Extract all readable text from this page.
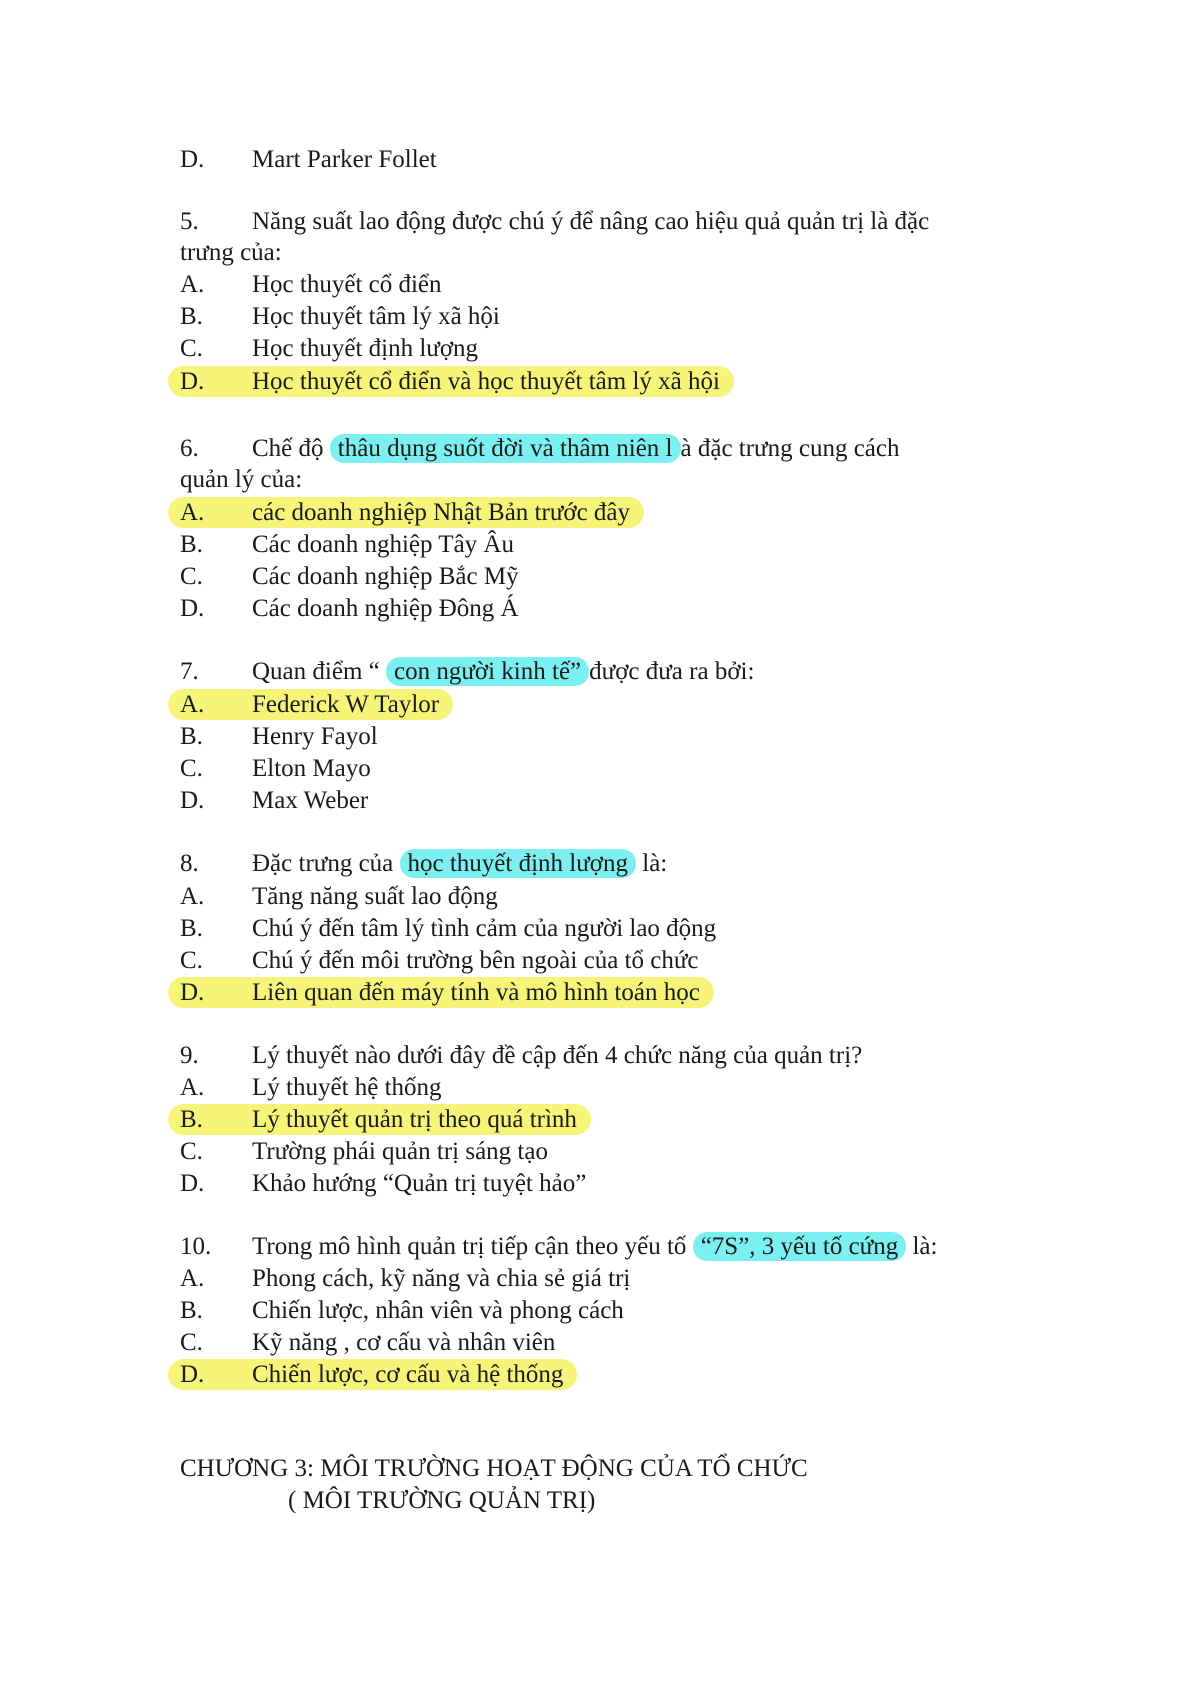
D. Mart Parker Follet
5. Năng suất lao động được chú ý để nâng cao hiệu quả quản trị là đặc
trưng của:
A. Học thuyết cổ điển
B. Học thuyết tâm lý xã hội
C. Học thuyết định lượng
D. Học thuyết cổ điển và học thuyết tâm lý xã hội
6. Chế độ thâu dụng suốt đời và thâm niên l à đặc trưng cung cách
quản lý của:
A. các doanh nghiệp Nhật Bản trước đây
B. Các doanh nghiệp Tây Âu
C. Các doanh nghiệp Bắc Mỹ
D. Các doanh nghiệp Đông Á
7. Quan điểm “ con người kinh tế” được đưa ra bởi:
A. Federick W Taylor
B. Henry Fayol
C. Elton Mayo
D. Max Weber
8. Đặc trưng của học thuyết định lượng là:
A. Tăng năng suất lao động
B. Chú ý đến tâm lý tình cảm của người lao động
C. Chú ý đến môi trường bên ngoài của tổ chức
D. Liên quan đến máy tính và mô hình toán học
9. Lý thuyết nào dưới đây đề cập đến 4 chức năng của quản trị?
A. Lý thuyết hệ thống
B. Lý thuyết quản trị theo quá trình
C. Trường phái quản trị sáng tạo
D. Khảo hướng “Quản trị tuyệt hảo”
10. Trong mô hình quản trị tiếp cận theo yếu tố “7S”, 3 yếu tố cứng là:
A. Phong cách, kỹ năng và chia sẻ giá trị
B. Chiến lược, nhân viên và phong cách
C. Kỹ năng , cơ cấu và nhân viên
D. Chiến lược, cơ cấu và hệ thống
CHƯƠNG 3: MÔI TRƯỜNG HOẠT ĐỘNG CỦA TỔ CHỨC
( MÔI TRƯỜNG QUẢN TRỊ)
